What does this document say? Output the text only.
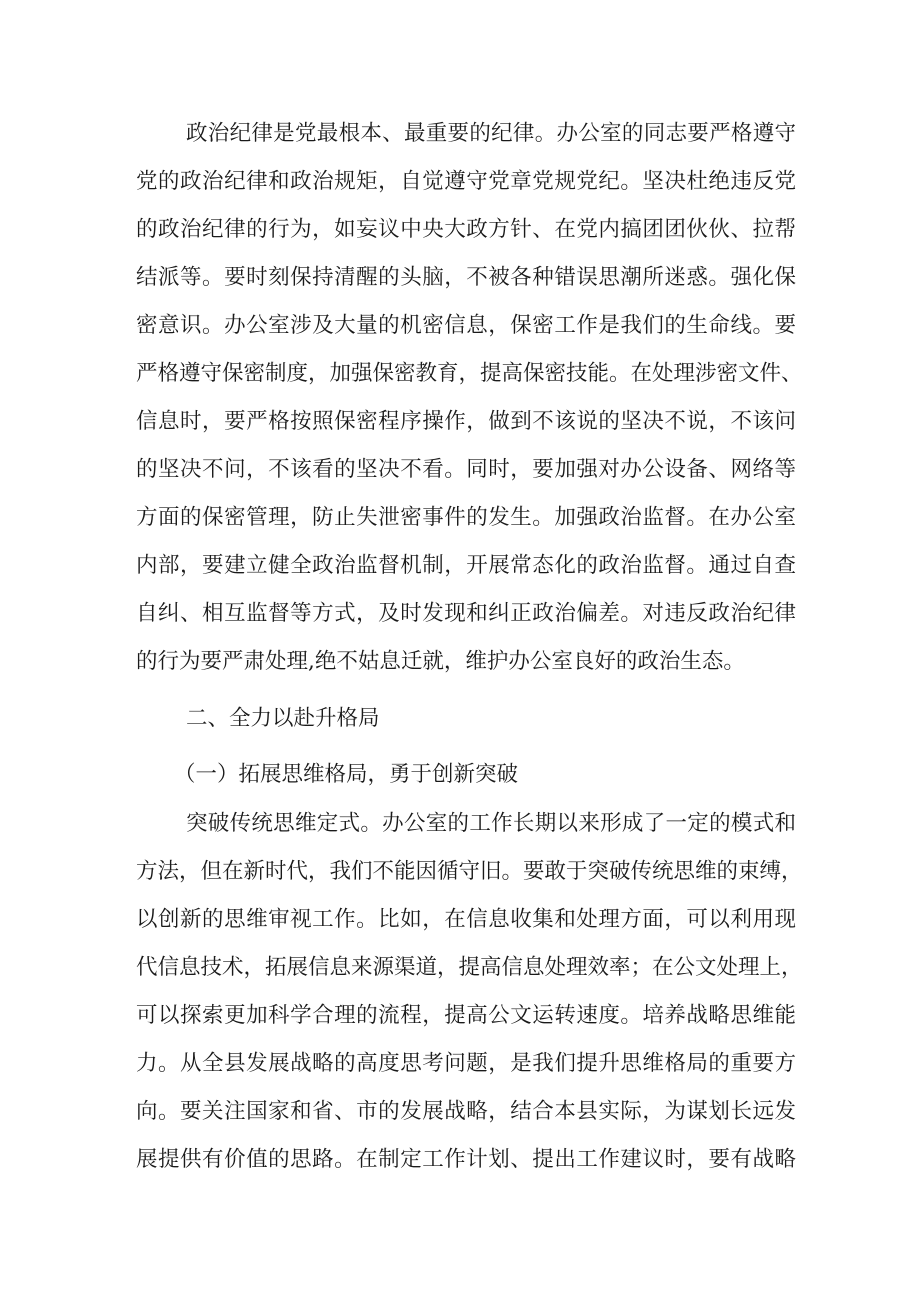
政治纪律是党最根本、最重要的纪律。办公室的同志要严格遵守
党的政治纪律和政治规矩，自觉遵守党章党规党纪。坚决杜绝违反党
的政治纪律的行为，如妄议中央大政方针、在党内搞团团伙伙、拉帮
结派等。要时刻保持清醒的头脑，不被各种错误思潮所迷惑。强化保
密意识。办公室涉及大量的机密信息，保密工作是我们的生命线。要
严格遵守保密制度，加强保密教育，提高保密技能。在处理涉密文件、
信息时，要严格按照保密程序操作，做到不该说的坚决不说，不该问
的坚决不问，不该看的坚决不看。同时，要加强对办公设备、网络等
方面的保密管理，防止失泄密事件的发生。加强政治监督。在办公室
内部，要建立健全政治监督机制，开展常态化的政治监督。通过自查
自纠、相互监督等方式，及时发现和纠正政治偏差。对违反政治纪律
的行为要严肃处理,绝不姑息迁就，维护办公室良好的政治生态。
二、全力以赴升格局
（一）拓展思维格局，勇于创新突破
突破传统思维定式。办公室的工作长期以来形成了一定的模式和
方法，但在新时代，我们不能因循守旧。要敢于突破传统思维的束缚，
以创新的思维审视工作。比如，在信息收集和处理方面，可以利用现
代信息技术，拓展信息来源渠道，提高信息处理效率；在公文处理上，
可以探索更加科学合理的流程，提高公文运转速度。培养战略思维能
力。从全县发展战略的高度思考问题，是我们提升思维格局的重要方
向。要关注国家和省、市的发展战略，结合本县实际，为谋划长远发
展提供有价值的思路。在制定工作计划、提出工作建议时，要有战略
